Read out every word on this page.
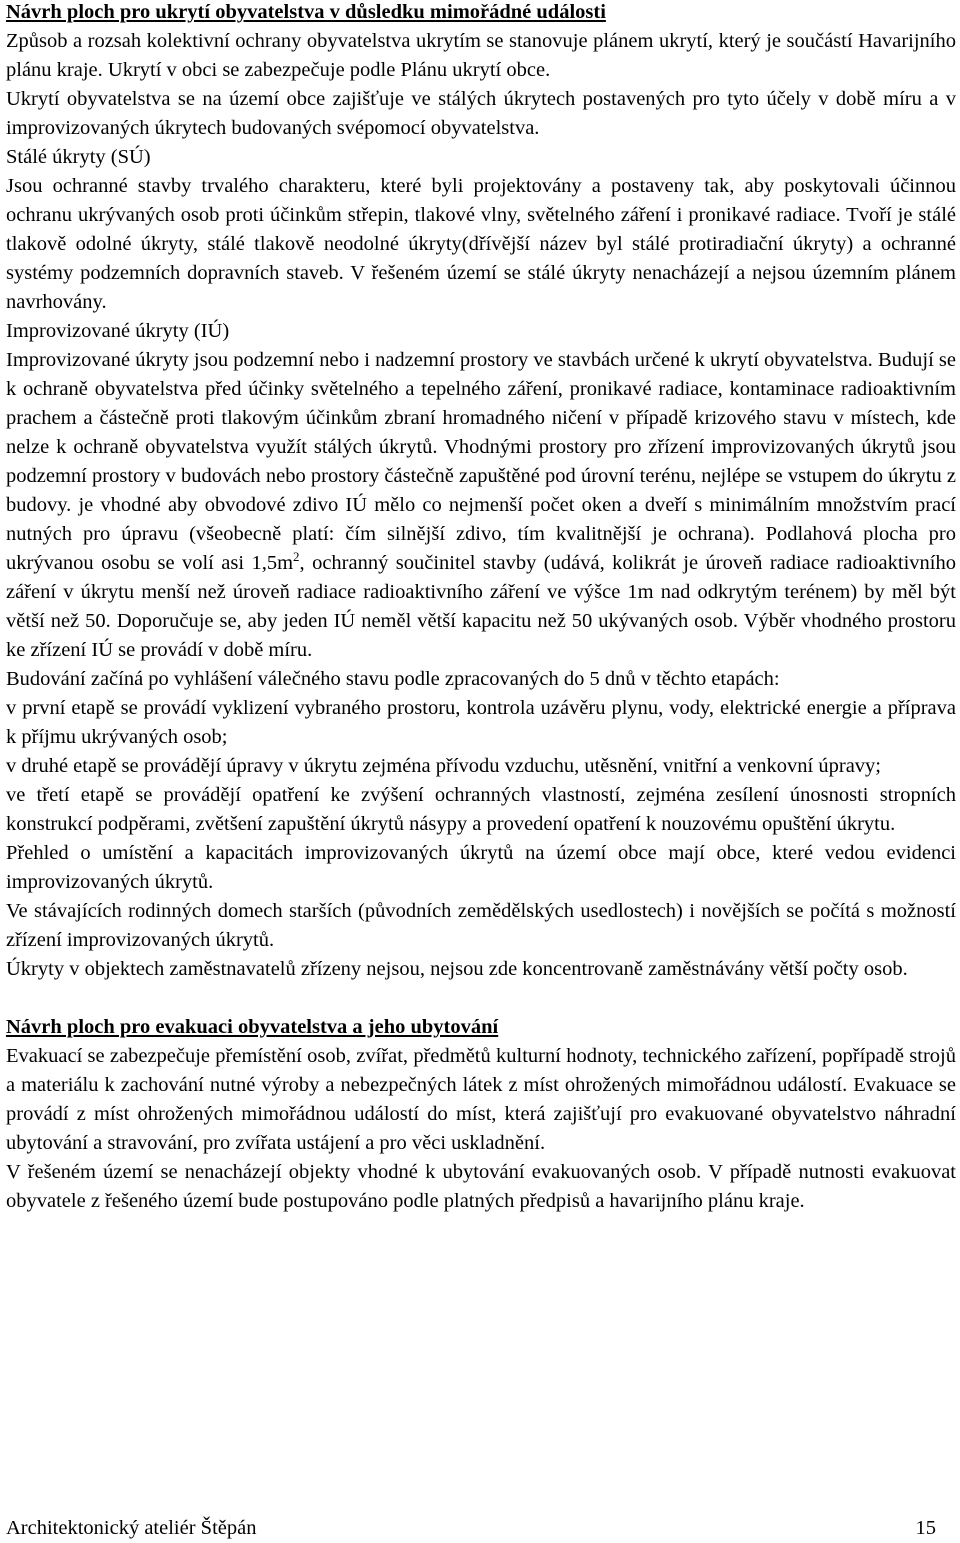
Návrh ploch pro ukrytí obyvatelstva v důsledku mimořádné události

Způsob a rozsah kolektivní ochrany obyvatelstva ukrytím se stanovuje plánem ukrytí, který je součástí Havarijního plánu kraje. Ukrytí v obci se zabezpečuje podle Plánu ukrytí obce.

Ukrytí obyvatelstva se na území obce zajišťuje ve stálých úkrytech postavených pro tyto účely v době míru a v improvizovaných úkrytech budovaných svépomocí obyvatelstva.

Stálé úkryty (SÚ)

Jsou ochranné stavby trvalého charakteru, které byli projektovány a postaveny tak, aby poskytovali účinnou ochranu ukrývaných osob proti účinkům střepin, tlakové vlny, světelného záření i pronikavé radiace. Tvoří je stálé tlakově odolné úkryty, stálé tlakově neodolné úkryty(dřívější název byl stálé protiradiační úkryty) a ochranné systémy podzemních dopravních staveb. V řešeném území se stálé úkryty nenacházejí a nejsou územním plánem navrhovány.

Improvizované úkryty (IÚ)

Improvizované úkryty jsou podzemní nebo i nadzemní prostory ve stavbách určené k ukrytí obyvatelstva. Budují se k ochraně obyvatelstva před účinky světelného a tepelného záření, pronikavé radiace, kontaminace radioaktivním prachem a částečně proti tlakovým účinkům zbraní hromadného ničení v případě krizového stavu v místech, kde nelze k ochraně obyvatelstva využít stálých úkrytů. Vhodnými prostory pro zřízení improvizovaných úkrytů jsou podzemní prostory v budovách nebo prostory částečně zapuštěné pod úrovní terénu, nejlépe se vstupem do úkrytu z budovy. je vhodné aby obvodové zdivo IÚ mělo co nejmenší počet oken a dveří s minimálním množstvím prací nutných pro úpravu (všeobecně platí: čím silnější zdivo, tím kvalitnější je ochrana). Podlahová plocha pro ukrývanou osobu se volí asi $1,5m^2$, ochranný součinitel stavby (udává, kolikrát je úroveň radiace radioaktivního záření v úkrytu menší než úroveň radiace radioaktivního záření ve výšce 1m nad odkrytým terénem) by měl být větší než 50. Doporučuje se, aby jeden IÚ neměl větší kapacitu než 50 ukývaných osob. Výběr vhodného prostoru ke zřízení IÚ se provádí v době míru.

Budování začíná po vyhlášení válečného stavu podle zpracovaných do 5 dnů v těchto etapách:

v první etapě se provádí vyklizení vybraného prostoru, kontrola uzávěru plynu, vody, elektrické energie a příprava k příjmu ukrývaných osob;

v druhé etapě se provádějí úpravy v úkrytu zejména přívodu vzduchu, utěsnění, vnitřní a venkovní úpravy;

ve třetí etapě se provádějí opatření ke zvýšení ochranných vlastností, zejména zesílení únosnosti stropních konstrukcí podpěrami, zvětšení zapuštění úkrytů násypy a provedení opatření k nouzovému opuštění úkrytu.

Přehled o umístění a kapacitách improvizovaných úkrytů na území obce mají obce, které vedou evidenci improvizovaných úkrytů.

Ve stávajících rodinných domech starších (původních zemědělských usedlostech) i novějších se počítá s možností zřízení improvizovaných úkrytů.

Úkryty v objektech zaměstnavatelů zřízeny nejsou, nejsou zde koncentrovaně zaměstnávány větší počty osob.

Návrh ploch pro evakuaci obyvatelstva a jeho ubytování

Evakuací se zabezpečuje přemístění osob, zvířat, předmětů kulturní hodnoty, technického zařízení, popřípadě strojů a materiálu k zachování nutné výroby a nebezpečných látek z míst ohrožených mimořádnou událostí. Evakuace se provádí z míst ohrožených mimořádnou událostí do míst, která zajišťují pro evakuované obyvatelstvo náhradní ubytování a stravování, pro zvířata ustájení a pro věci uskladnění.

V řešeném území se nenacházejí objekty vhodné k ubytování evakuovaných osob. V případě nutnosti evakuovat obyvatele z řešeného území bude postupováno podle platných předpisů a havarijního plánu kraje.

Architektonický ateliér Štěpán	15
